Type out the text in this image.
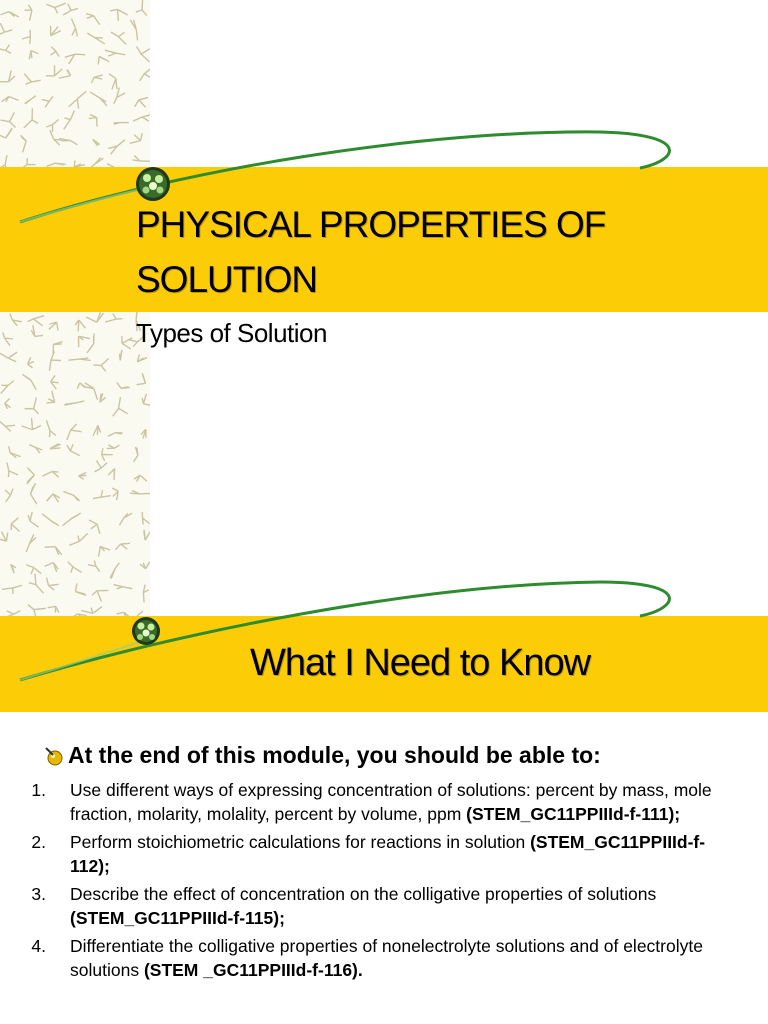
PHYSICAL PROPERTIES OF
SOLUTION
Types of Solution
What I Need to Know
At the end of this module, you should be able to:
1. Use different ways of expressing concentration of solutions: percent by mass, mole fraction, molarity, molality, percent by volume, ppm (STEM_GC11PPIIId-f-111);
2. Perform stoichiometric calculations for reactions in solution (STEM_GC11PPIIId-f-112);
3. Describe the effect of concentration on the colligative properties of solutions (STEM_GC11PPIIId-f-115);
4. Differentiate the colligative properties of nonelectrolyte solutions and of electrolyte solutions (STEM _GC11PPIIId-f-116).
